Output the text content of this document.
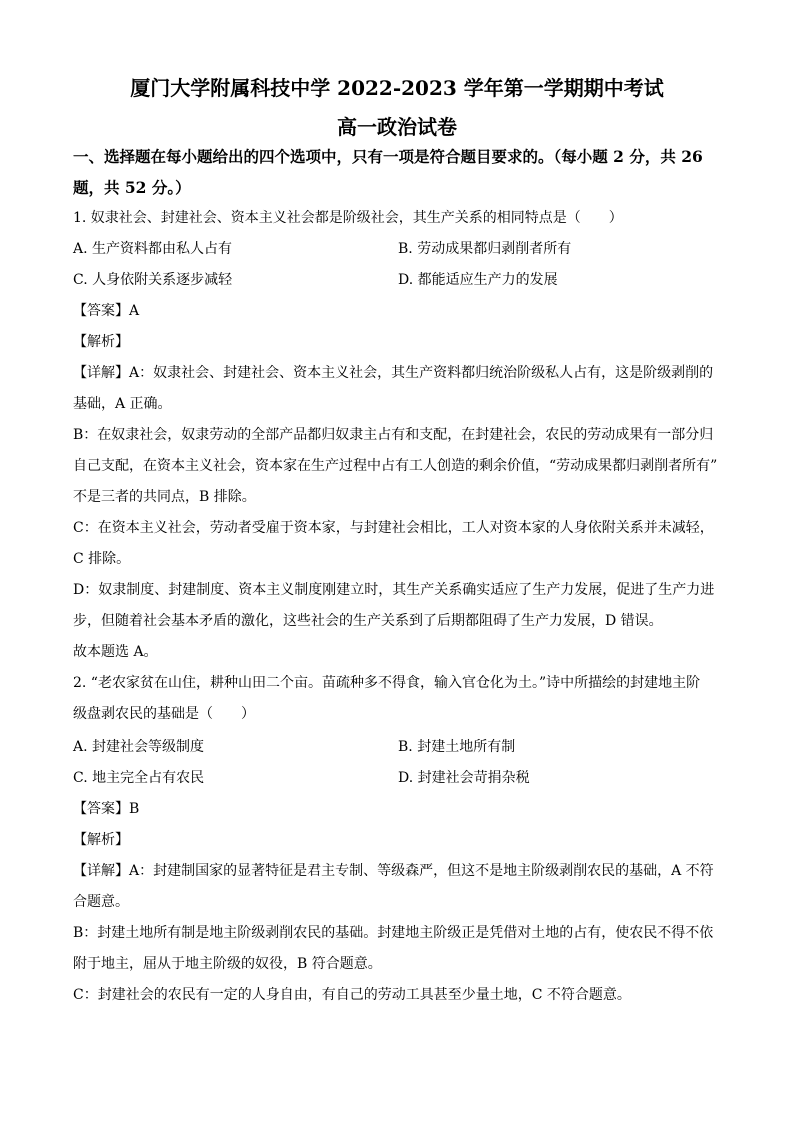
厦门大学附属科技中学 2022-2023 学年第一学期期中考试
高一政治试卷
一、选择题在每小题给出的四个选项中，只有一项是符合题目要求的。（每小题 2 分，共 26
题，共 52 分。）
1. 奴隶社会、封建社会、资本主义社会都是阶级社会，其生产关系的相同特点是（　　）
A. 生产资料都由私人占有	B. 劳动成果都归剥削者所有
C. 人身依附关系逐步减轻	D. 都能适应生产力的发展
【答案】A
【解析】
【详解】A：奴隶社会、封建社会、资本主义社会，其生产资料都归统治阶级私人占有，这是阶级剥削的
基础，A 正确。
B：在奴隶社会，奴隶劳动的全部产品都归奴隶主占有和支配，在封建社会，农民的劳动成果有一部分归
自己支配，在资本主义社会，资本家在生产过程中占有工人创造的剩余价值，“劳动成果都归剥削者所有”
不是三者的共同点，B 排除。
C：在资本主义社会，劳动者受雇于资本家，与封建社会相比，工人对资本家的人身依附关系并未减轻，
C 排除。
D：奴隶制度、封建制度、资本主义制度刚建立时，其生产关系确实适应了生产力发展，促进了生产力进
步，但随着社会基本矛盾的激化，这些社会的生产关系到了后期都阻碍了生产力发展，D 错误。
故本题选 A。
2. “老农家贫在山住，耕种山田二个亩。苗疏种多不得食，输入官仓化为土。”诗中所描绘的封建地主阶
级盘剥农民的基础是（　　）
A. 封建社会等级制度	B. 封建土地所有制
C. 地主完全占有农民	D. 封建社会苛捐杂税
【答案】B
【解析】
【详解】A：封建制国家的显著特征是君主专制、等级森严，但这不是地主阶级剥削农民的基础，A 不符
合题意。
B：封建土地所有制是地主阶级剥削农民的基础。封建地主阶级正是凭借对土地的占有，使农民不得不依
附于地主，屈从于地主阶级的奴役，B 符合题意。
C：封建社会的农民有一定的人身自由，有自己的劳动工具甚至少量土地，C 不符合题意。
